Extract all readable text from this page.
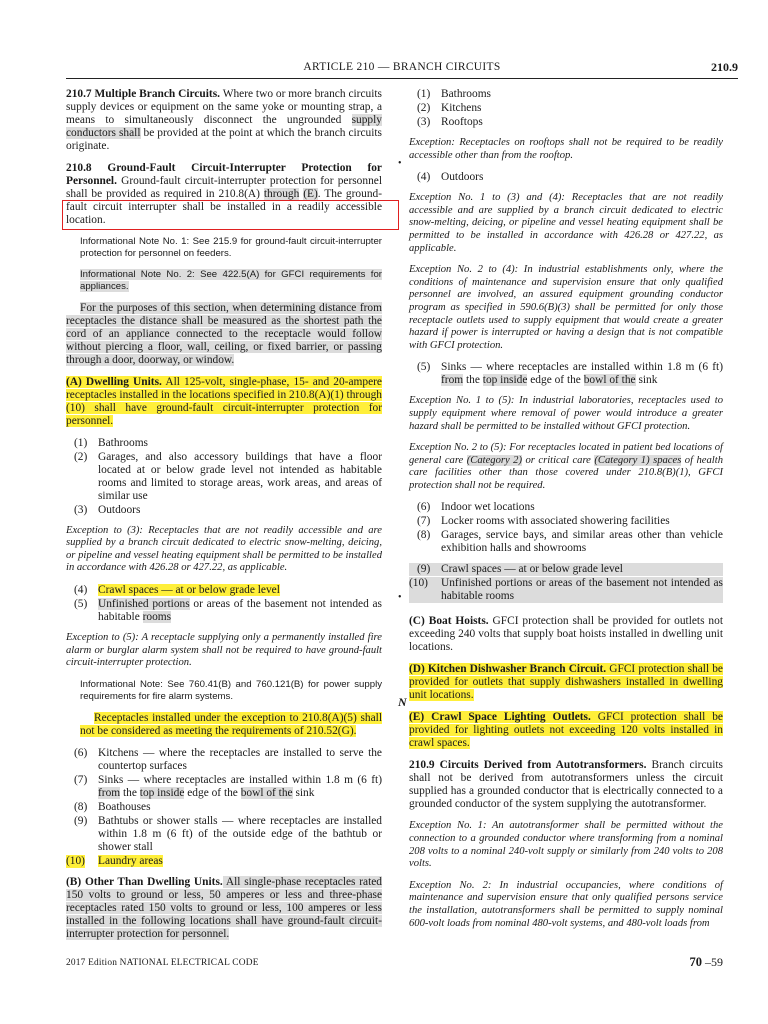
ARTICLE 210 — BRANCH CIRCUITS	210.9

210.7 Multiple Branch Circuits. Where two or more branch circuits supply devices or equipment on the same yoke or mounting strap, a means to simultaneously disconnect the ungrounded supply conductors shall be provided at the point at which the branch circuits originate.

210.8 Ground-Fault Circuit-Interrupter Protection for Personnel. Ground-fault circuit-interrupter protection for personnel shall be provided as required in 210.8(A) through (E). The ground-fault circuit interrupter shall be installed in a readily accessible location.

Informational Note No. 1: See 215.9 for ground-fault circuit-interrupter protection for personnel on feeders.
Informational Note No. 2: See 422.5(A) for GFCI requirements for appliances.

For the purposes of this section, when determining distance from receptacles the distance shall be measured as the shortest path the cord of an appliance connected to the receptacle would follow without piercing a floor, wall, ceiling, or fixed barrier, or passing through a door, doorway, or window.

(A) Dwelling Units. All 125-volt, single-phase, 15- and 20-ampere receptacles installed in the locations specified in 210.8(A)(1) through (10) shall have ground-fault circuit-interrupter protection for personnel.

(1) Bathrooms
(2) Garages, and also accessory buildings that have a floor located at or below grade level not intended as habitable rooms and limited to storage areas, work areas, and areas of similar use
(3) Outdoors

Exception to (3): Receptacles that are not readily accessible and are supplied by a branch circuit dedicated to electric snow-melting, deicing, or pipeline and vessel heating equipment shall be permitted to be installed in accordance with 426.28 or 427.22, as applicable.

(4) Crawl spaces — at or below grade level
(5) Unfinished portions or areas of the basement not intended as habitable rooms

Exception to (5): A receptacle supplying only a permanently installed fire alarm or burglar alarm system shall not be required to have ground-fault circuit-interrupter protection.

Informational Note: See 760.41(B) and 760.121(B) for power supply requirements for fire alarm systems.

Receptacles installed under the exception to 210.8(A)(5) shall not be considered as meeting the requirements of 210.52(G).

(6) Kitchens — where the receptacles are installed to serve the countertop surfaces
(7) Sinks — where receptacles are installed within 1.8 m (6 ft) from the top inside edge of the bowl of the sink
(8) Boathouses
(9) Bathtubs or shower stalls — where receptacles are installed within 1.8 m (6 ft) of the outside edge of the bathtub or shower stall
(10) Laundry areas

(B) Other Than Dwelling Units. All single-phase receptacles rated 150 volts to ground or less, 50 amperes or less and three-phase receptacles rated 150 volts to ground or less, 100 amperes or less installed in the following locations shall have ground-fault circuit-interrupter protection for personnel.

(1) Bathrooms
(2) Kitchens
(3) Rooftops

Exception: Receptacles on rooftops shall not be required to be readily accessible other than from the rooftop.

(4) Outdoors

Exception No. 1 to (3) and (4): Receptacles that are not readily accessible and are supplied by a branch circuit dedicated to electric snow-melting, deicing, or pipeline and vessel heating equipment shall be permitted to be installed in accordance with 426.28 or 427.22, as applicable.

Exception No. 2 to (4): In industrial establishments only, where the conditions of maintenance and supervision ensure that only qualified personnel are involved, an assured equipment grounding conductor program as specified in 590.6(B)(3) shall be permitted for only those receptacle outlets used to supply equipment that would create a greater hazard if power is interrupted or having a design that is not compatible with GFCI protection.

(5) Sinks — where receptacles are installed within 1.8 m (6 ft) from the top inside edge of the bowl of the sink

Exception No. 1 to (5): In industrial laboratories, receptacles used to supply equipment where removal of power would introduce a greater hazard shall be permitted to be installed without GFCI protection.

Exception No. 2 to (5): For receptacles located in patient bed locations of general care (Category 2) or critical care (Category 1) spaces of health care facilities other than those covered under 210.8(B)(1), GFCI protection shall not be required.

(6) Indoor wet locations
(7) Locker rooms with associated showering facilities
(8) Garages, service bays, and similar areas other than vehicle exhibition halls and showrooms
(9) Crawl spaces — at or below grade level
(10) Unfinished portions or areas of the basement not intended as habitable rooms

(C) Boat Hoists. GFCI protection shall be provided for outlets not exceeding 240 volts that supply boat hoists installed in dwelling unit locations.

(D) Kitchen Dishwasher Branch Circuit. GFCI protection shall be provided for outlets that supply dishwashers installed in dwelling unit locations.

(E) Crawl Space Lighting Outlets. GFCI protection shall be provided for lighting outlets not exceeding 120 volts installed in crawl spaces.

210.9 Circuits Derived from Autotransformers. Branch circuits shall not be derived from autotransformers unless the circuit supplied has a grounded conductor that is electrically connected to a grounded conductor of the system supplying the autotransformer.

Exception No. 1: An autotransformer shall be permitted without the connection to a grounded conductor where transforming from a nominal 208 volts to a nominal 240-volt supply or similarly from 240 volts to 208 volts.

Exception No. 2: In industrial occupancies, where conditions of maintenance and supervision ensure that only qualified persons service the installation, autotransformers shall be permitted to supply nominal 600-volt loads from nominal 480-volt systems, and 480-volt loads from

•
•
N
2017 Edition NATIONAL ELECTRICAL CODE	70 –59
